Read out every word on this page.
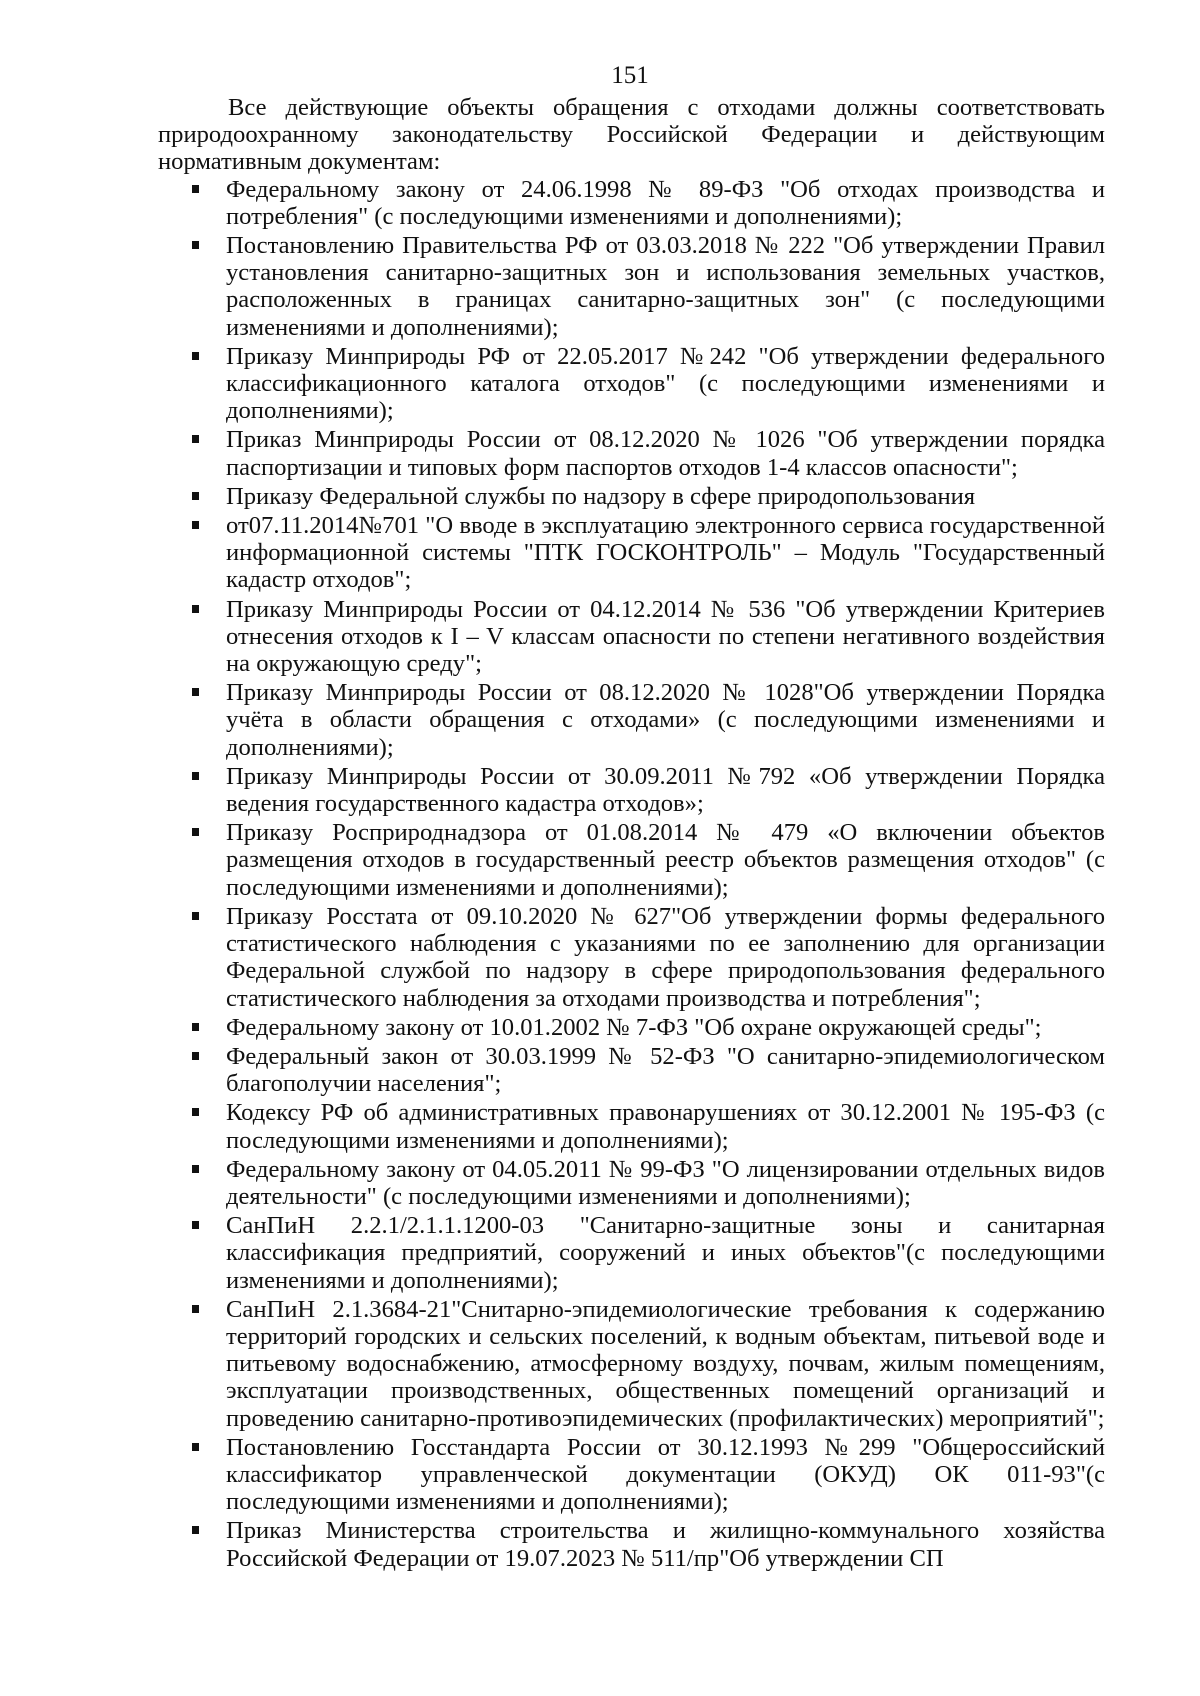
151

Все действующие объекты обращения с отходами должны соответствовать природоохранному законодательству Российской Федерации и действующим нормативным документам:

Федеральному закону от 24.06.1998 № 89-ФЗ "Об отходах производства и потребления" (с последующими изменениями и дополнениями);
Постановлению Правительства РФ от 03.03.2018 № 222 "Об утверждении Правил установления санитарно-защитных зон и использования земельных участков, расположенных в границах санитарно-защитных зон" (с последующими изменениями и дополнениями);
Приказу Минприроды РФ от 22.05.2017 №242 "Об утверждении федерального классификационного каталога отходов" (с последующими изменениями и дополнениями);
Приказ Минприроды России от 08.12.2020 № 1026 "Об утверждении порядка паспортизации и типовых форм паспортов отходов 1-4 классов опасности";
Приказу Федеральной службы по надзору в сфере природопользования
от07.11.2014№701 "О вводе в эксплуатацию электронного сервиса государственной информационной системы "ПТК ГОСКОНТРОЛЬ" – Модуль "Государственный кадастр отходов";
Приказу Минприроды России от 04.12.2014 № 536 "Об утверждении Критериев отнесения отходов к I – V классам опасности по степени негативного воздействия на окружающую среду";
Приказу Минприроды России от 08.12.2020 № 1028"Об утверждении Порядка учёта в области обращения с отходами» (с последующими изменениями и дополнениями);
Приказу Минприроды России от 30.09.2011 №792 «Об утверждении Порядка ведения государственного кадастра отходов»;
Приказу Росприроднадзора от 01.08.2014 № 479 «О включении объектов размещения отходов в государственный реестр объектов размещения отходов" (с последующими изменениями и дополнениями);
Приказу Росстата от 09.10.2020 № 627"Об утверждении формы федерального статистического наблюдения с указаниями по ее заполнению для организации Федеральной службой по надзору в сфере природопользования федерального статистического наблюдения за отходами производства и потребления";
Федеральному закону от 10.01.2002 № 7-ФЗ "Об охране окружающей среды";
Федеральный закон от 30.03.1999 № 52-ФЗ "О санитарно-эпидемиологическом благополучии населения";
Кодексу РФ об административных правонарушениях от 30.12.2001 № 195-ФЗ (с последующими изменениями и дополнениями);
Федеральному закону от 04.05.2011 № 99-ФЗ "О лицензировании отдельных видов деятельности" (с последующими изменениями и дополнениями);
СанПиН 2.2.1/2.1.1.1200-03 "Санитарно-защитные зоны и санитарная классификация предприятий, сооружений и иных объектов"(с последующими изменениями и дополнениями);
СанПиН 2.1.3684-21"Снитарно-эпидемиологические требования к содержанию территорий городских и сельских поселений, к водным объектам, питьевой воде и питьевому водоснабжению, атмосферному воздуху, почвам, жилым помещениям, эксплуатации производственных, общественных помещений организаций и проведению санитарно-противоэпидемических (профилактических) мероприятий";
Постановлению Госстандарта России от 30.12.1993 №299 "Общероссийский классификатор управленческой документации (ОКУД) ОК 011-93"(с последующими изменениями и дополнениями);
Приказ Министерства строительства и жилищно-коммунального хозяйства Российской Федерации от 19.07.2023 № 511/пр"Об утверждении СП
